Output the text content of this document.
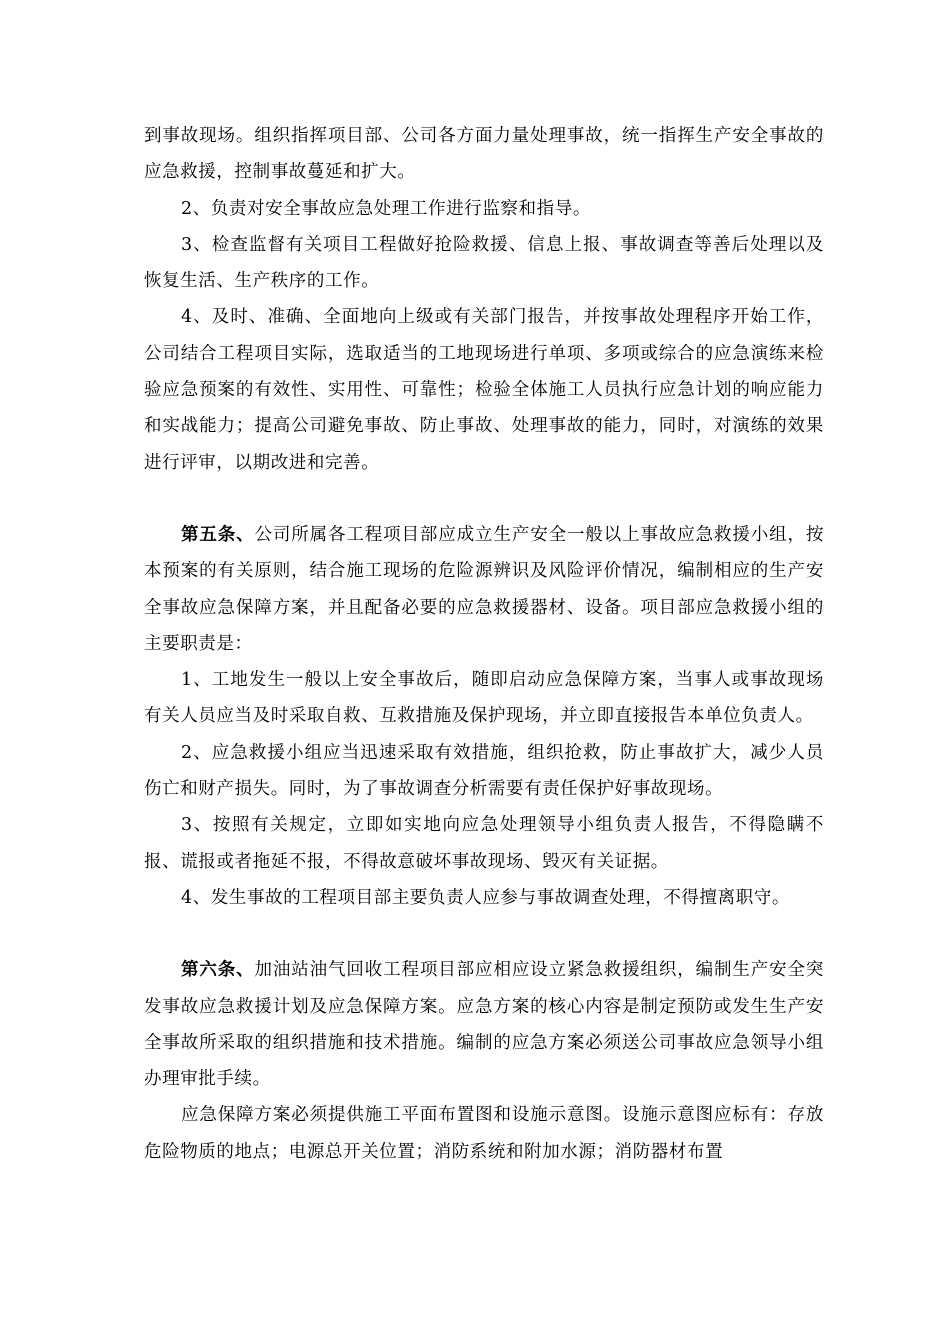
到事故现场。组织指挥项目部、公司各方面力量处理事故，统一指挥生产安全事故的应急救援，控制事故蔓延和扩大。

2、负责对安全事故应急处理工作进行监察和指导。

3、检查监督有关项目工程做好抢险救援、信息上报、事故调查等善后处理以及恢复生活、生产秩序的工作。

4、及时、准确、全面地向上级或有关部门报告，并按事故处理程序开始工作，公司结合工程项目实际，选取适当的工地现场进行单项、多项或综合的应急演练来检验应急预案的有效性、实用性、可靠性；检验全体施工人员执行应急计划的响应能力和实战能力；提高公司避免事故、防止事故、处理事故的能力，同时，对演练的效果进行评审，以期改进和完善。

第五条、公司所属各工程项目部应成立生产安全一般以上事故应急救援小组，按本预案的有关原则，结合施工现场的危险源辨识及风险评价情况，编制相应的生产安全事故应急保障方案，并且配备必要的应急救援器材、设备。项目部应急救援小组的主要职责是：

1、工地发生一般以上安全事故后，随即启动应急保障方案，当事人或事故现场有关人员应当及时采取自救、互救措施及保护现场，并立即直接报告本单位负责人。

2、应急救援小组应当迅速采取有效措施，组织抢救，防止事故扩大，减少人员伤亡和财产损失。同时，为了事故调查分析需要有责任保护好事故现场。

3、按照有关规定，立即如实地向应急处理领导小组负责人报告，不得隐瞒不报、谎报或者拖延不报，不得故意破坏事故现场、毁灭有关证据。

4、发生事故的工程项目部主要负责人应参与事故调查处理，不得擅离职守。

第六条、加油站油气回收工程项目部应相应设立紧急救援组织，编制生产安全突发事故应急救援计划及应急保障方案。应急方案的核心内容是制定预防或发生生产安全事故所采取的组织措施和技术措施。编制的应急方案必须送公司事故应急领导小组办理审批手续。

应急保障方案必须提供施工平面布置图和设施示意图。设施示意图应标有：存放危险物质的地点；电源总开关位置；消防系统和附加水源；消防器材布置
